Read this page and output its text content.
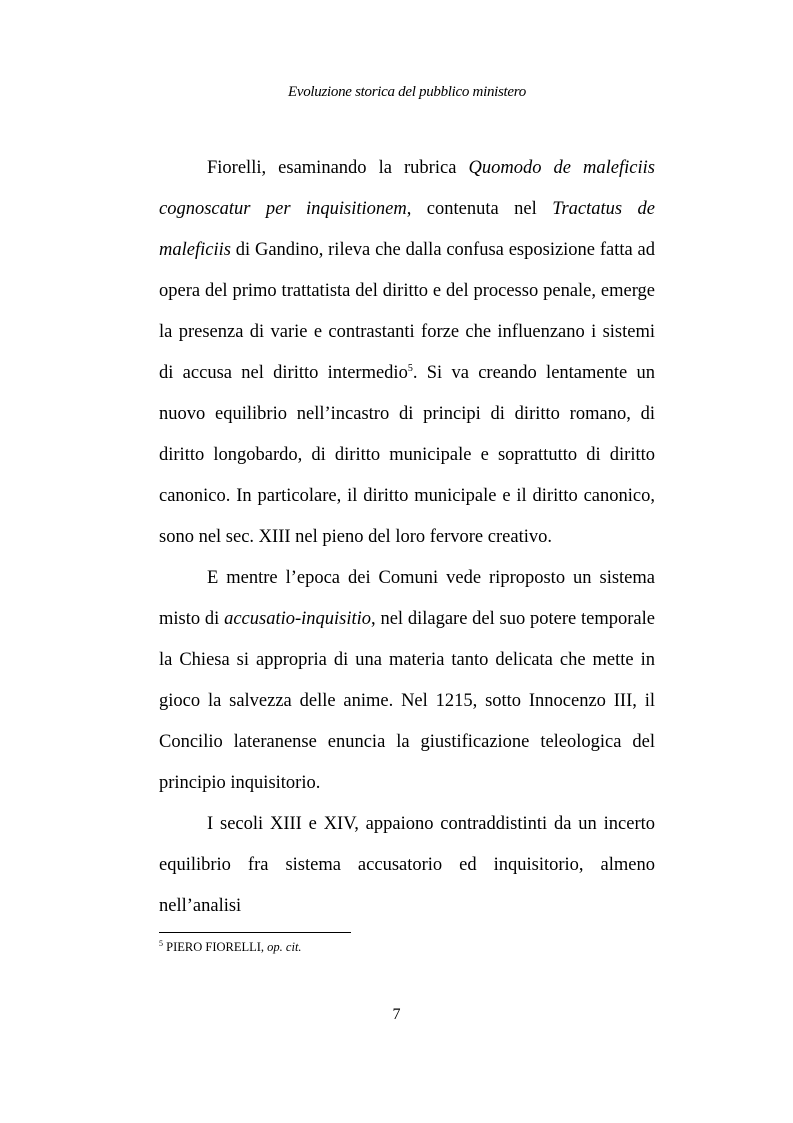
Evoluzione storica del pubblico ministero

Fiorelli, esaminando la rubrica Quomodo de maleficiis cognoscatur per inquisitionem, contenuta nel Tractatus de maleficiis di Gandino, rileva che dalla confusa esposizione fatta ad opera del primo trattatista del diritto e del processo penale, emerge la presenza di varie e contrastanti forze che influenzano i sistemi di accusa nel diritto intermedio$^5$. Si va creando lentamente un nuovo equilibrio nell’incastro di principi di diritto romano, di diritto longobardo, di diritto municipale e soprattutto di diritto canonico. In particolare, il diritto municipale e il diritto canonico, sono nel sec. XIII nel pieno del loro fervore creativo.

E mentre l’epoca dei Comuni vede riproposto un sistema misto di accusatio-inquisitio, nel dilagare del suo potere temporale la Chiesa si appropria di una materia tanto delicata che mette in gioco la salvezza delle anime. Nel 1215, sotto Innocenzo III, il Concilio lateranense enuncia la giustificazione teleologica del principio inquisitorio.

I secoli XIII e XIV, appaiono contraddistinti da un incerto equilibrio fra sistema accusatorio ed inquisitorio, almeno nell’analisi

$^5$ PIERO FIORELLI, op. cit.
7
